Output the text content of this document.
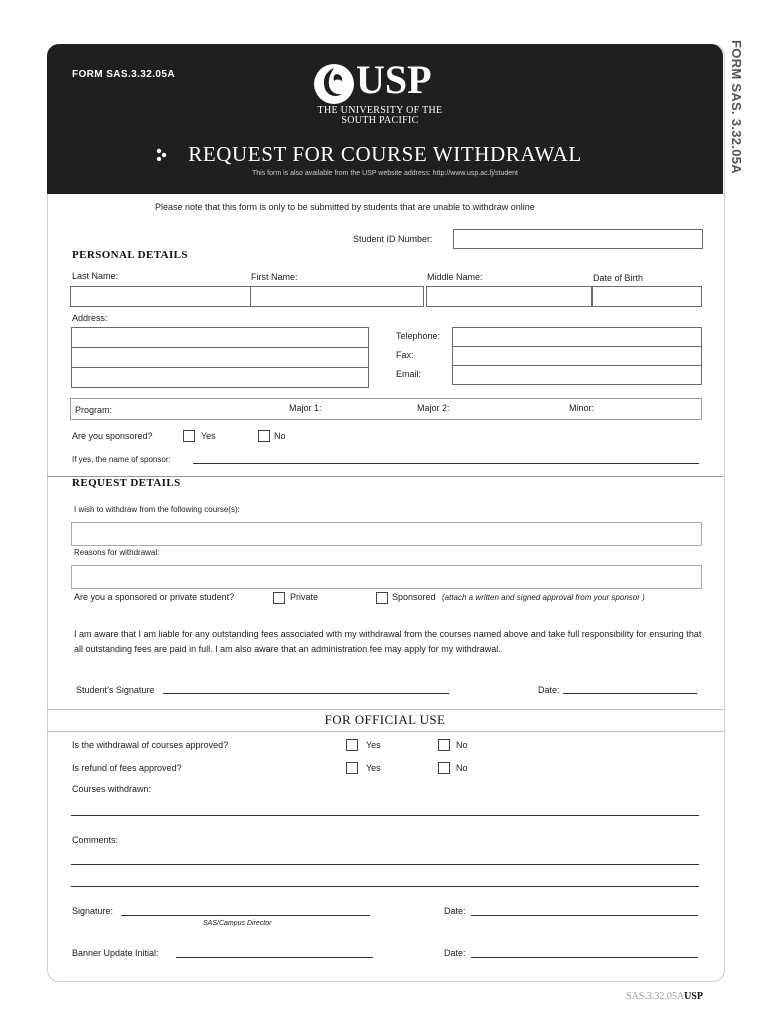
FORM SAS. 3.32.05A
FORM SAS.3.32.05A	USP
THE UNIVERSITY OF THE
SOUTH PACIFIC
REQUEST FOR COURSE WITHDRAWAL
This form is also available from the USP website address: http://www.usp.ac.fj/student
Please note that this form is only to be submitted by students that are unable to withdraw online
Student ID Number:
PERSONAL DETAILS
Last Name:	First Name:	Middle Name:	Date of Birth
Address:
Telephone:
Fax:
Email:
Program:	Major 1:	Major 2:	Minor:
Are you sponsored?	Yes	No
If yes, the name of sponsor:
REQUEST DETAILS
I wish to withdraw from the following course(s):
Reasons for withdrawal:
Are you a sponsored or private student?	Private	Sponsored (attach a written and signed approval from your sponsor )
I am aware that I am liable for any outstanding fees associated with my withdrawal from the courses named above and take full responsibility for ensuring that all outstanding fees are paid in full. I am also aware that an administration fee may apply for my withdrawal.
Student’s Signature	Date:
FOR OFFICIAL USE
Is the withdrawal of courses approved?	Yes	No
Is refund of fees approved?	Yes	No
Courses withdrawn:
Comments:
Signature:
SAS/Campus Director
Date:
Banner Update Initial:	Date:
SAS.3.32.05AUSP
